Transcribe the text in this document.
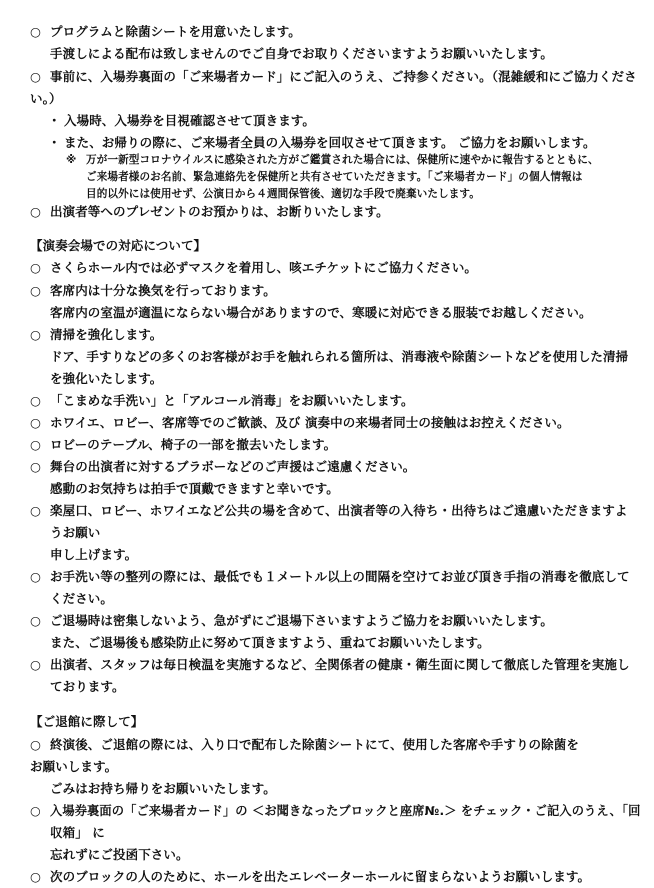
○ プログラムと除菌シートを用意いたします。
手渡しによる配布は致しませんのでご自身でお取りくださいますようお願いいたします。
○ 事前に、入場券裏面の「ご来場者カード」にご記入のうえ、ご持参ください。（混雑緩和にご協力くださ
い。）
・ 入場時、入場券を目視確認させて頂きます。
・ また、お帰りの際に、ご来場者全員の入場券を回収させて頂きます。 ご協力をお願いします。
※ 万が一新型コロナウイルスに感染された方がご鑑賞された場合には、保健所に速やかに報告するとともに、
ご来場者様のお名前、緊急連絡先を保健所と共有させていただきます。「ご来場者カード」の個人情報は
目的以外には使用せず、公演日から４週間保管後、適切な手段で廃棄いたします。
○ 出演者等へのプレゼントのお預かりは、お断りいたします。
【演奏会場での対応について】
○ さくらホール内では必ずマスクを着用し、咳エチケットにご協力ください。
○ 客席内は十分な換気を行っております。
客席内の室温が適温にならない場合がありますので、寒暖に対応できる服装でお越しください。
○ 清掃を強化します。
ドア、手すりなどの多くのお客様がお手を触れられる箇所は、消毒液や除菌シートなどを使用した清掃
を強化いたします。
○ 「こまめな手洗い」と「アルコール消毒」をお願いいたします。
○ ホワイエ、ロビー、客席等でのご歓談、及び 演奏中の来場者同士の接触はお控えください。
○ ロビーのテーブル、椅子の一部を撤去いたします。
○ 舞台の出演者に対するブラボーなどのご声援はご遠慮ください。
感動のお気持ちは拍手で頂戴できますと幸いです。
○ 楽屋口、ロビー、ホワイエなど公共の場を含めて、出演者等の入待ち・出待ちはご遠慮いただきますよ
うお願い
申し上げます。
○ お手洗い等の整列の際には、最低でも１メートル以上の間隔を空けてお並び頂き手指の消毒を徹底して
ください。
○ ご退場時は密集しないよう、急がずにご退場下さいますようご協力をお願いいたします。
また、ご退場後も感染防止に努めて頂きますよう、重ねてお願いいたします。
○ 出演者、スタッフは毎日検温を実施するなど、全関係者の健康・衛生面に関して徹底した管理を実施し
ております。
【ご退館に際して】
○ 終演後、ご退館の際には、入り口で配布した除菌シートにて、使用した客席や手すりの除菌を
お願いします。
ごみはお持ち帰りをお願いいたします。
○ 入場券裏面の「ご来場者カード」の ＜お聞きなったブロックと座席№.＞ をチェック・ご記入のうえ、「回
収箱」 に
忘れずにご投函下さい。
○ 次のブロックの人のために、ホールを出たエレベーターホールに留まらないようお願いします。
